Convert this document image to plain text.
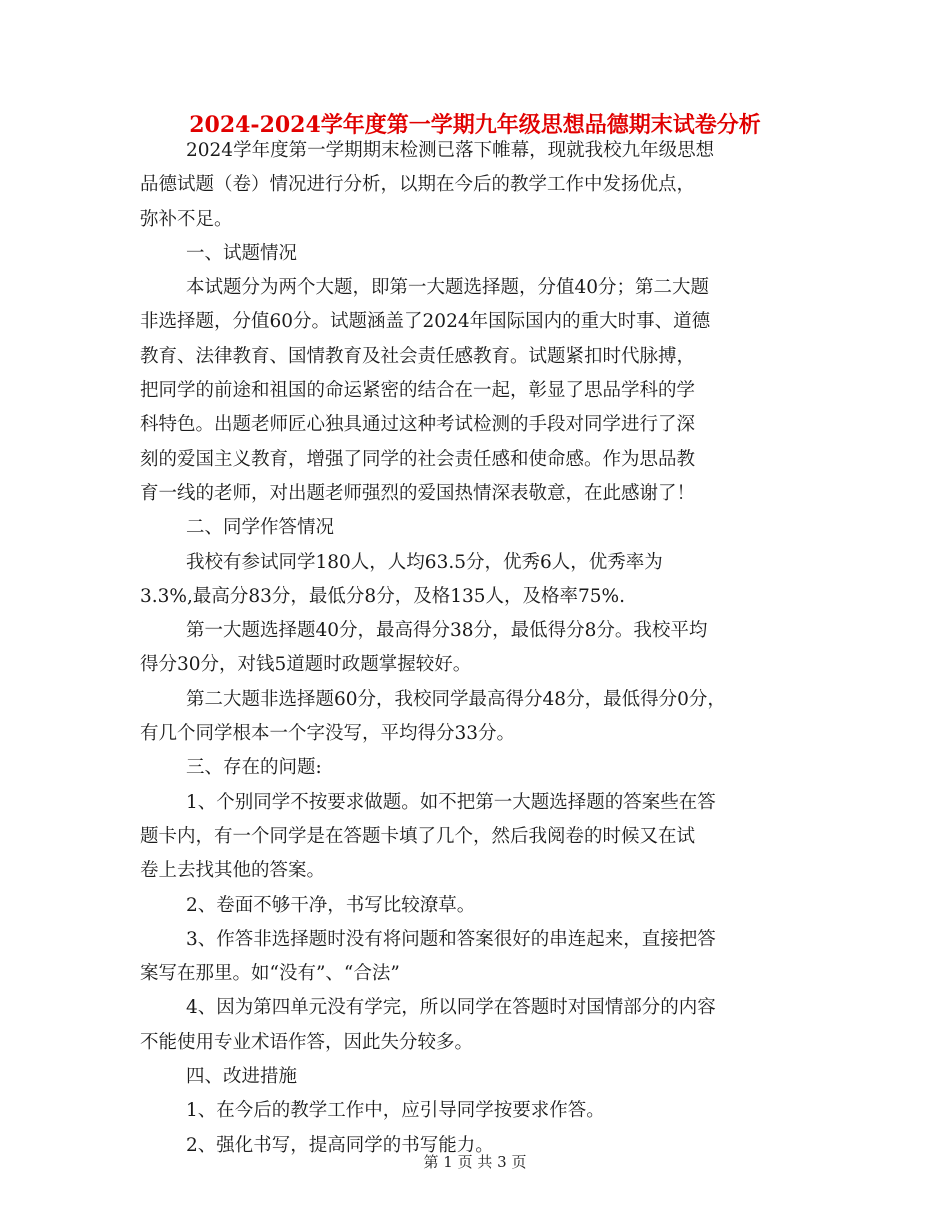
2024-2024学年度第一学期九年级思想品德期末试卷分析

2024学年度第一学期期末检测已落下帷幕，现就我校九年级思想

品德试题（卷）情况进行分析，以期在今后的教学工作中发扬优点，

弥补不足。

一、试题情况

本试题分为两个大题，即第一大题选择题，分值40分；第二大题

非选择题，分值60分。试题涵盖了2024年国际国内的重大时事、道德

教育、法律教育、国情教育及社会责任感教育。试题紧扣时代脉搏，

把同学的前途和祖国的命运紧密的结合在一起，彰显了思品学科的学

科特色。出题老师匠心独具通过这种考试检测的手段对同学进行了深

刻的爱国主义教育，增强了同学的社会责任感和使命感。作为思品教

育一线的老师，对出题老师强烈的爱国热情深表敬意，在此感谢了！

二、同学作答情况

我校有参试同学180人，人均63.5分，优秀6人，优秀率为

3.3%,最高分83分，最低分8分，及格135人，及格率75%.

第一大题选择题40分，最高得分38分，最低得分8分。我校平均

得分30分，对钱5道题时政题掌握较好。

第二大题非选择题60分，我校同学最高得分48分，最低得分0分，

有几个同学根本一个字没写，平均得分33分。

三、存在的问题:

1、个别同学不按要求做题。如不把第一大题选择题的答案些在答

题卡内，有一个同学是在答题卡填了几个，然后我阅卷的时候又在试

卷上去找其他的答案。

2、卷面不够干净，书写比较潦草。

3、作答非选择题时没有将问题和答案很好的串连起来，直接把答

案写在那里。如“没有”、“合法”

4、因为第四单元没有学完，所以同学在答题时对国情部分的内容

不能使用专业术语作答，因此失分较多。

四、改进措施

1、在今后的教学工作中，应引导同学按要求作答。

2、强化书写，提高同学的书写能力。

第 1 页 共 3 页
